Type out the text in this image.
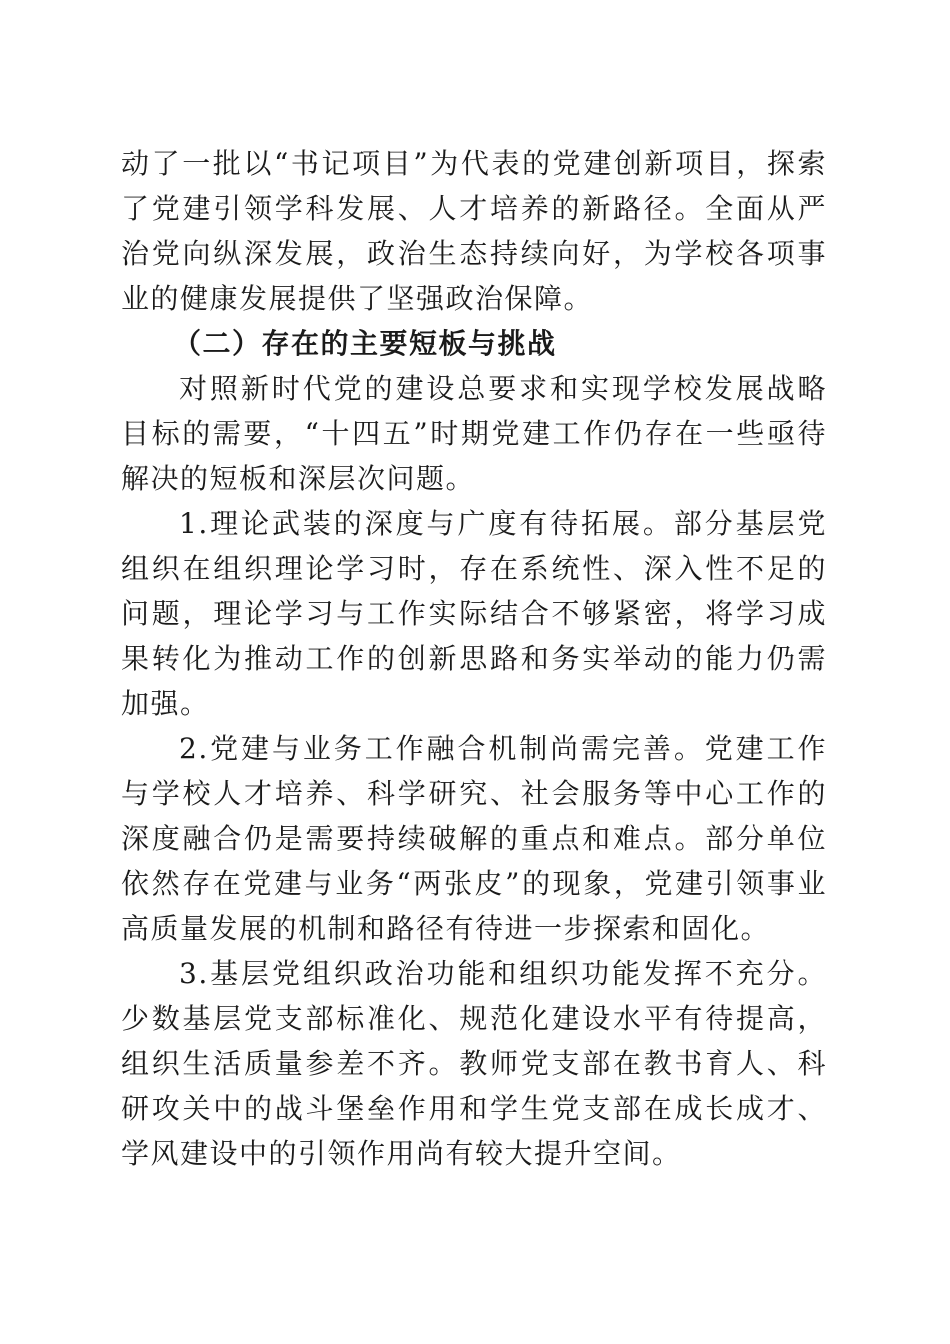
动了一批以“书记项目”为代表的党建创新项目，探索了党建引领学科发展、人才培养的新路径。全面从严治党向纵深发展，政治生态持续向好，为学校各项事业的健康发展提供了坚强政治保障。

（二）存在的主要短板与挑战

对照新时代党的建设总要求和实现学校发展战略目标的需要，“十四五”时期党建工作仍存在一些亟待解决的短板和深层次问题。

1.理论武装的深度与广度有待拓展。部分基层党组织在组织理论学习时，存在系统性、深入性不足的问题，理论学习与工作实际结合不够紧密，将学习成果转化为推动工作的创新思路和务实举动的能力仍需加强。

2.党建与业务工作融合机制尚需完善。党建工作与学校人才培养、科学研究、社会服务等中心工作的深度融合仍是需要持续破解的重点和难点。部分单位依然存在党建与业务“两张皮”的现象，党建引领事业高质量发展的机制和路径有待进一步探索和固化。

3.基层党组织政治功能和组织功能发挥不充分。少数基层党支部标准化、规范化建设水平有待提高，组织生活质量参差不齐。教师党支部在教书育人、科研攻关中的战斗堡垒作用和学生党支部在成长成才、学风建设中的引领作用尚有较大提升空间。
